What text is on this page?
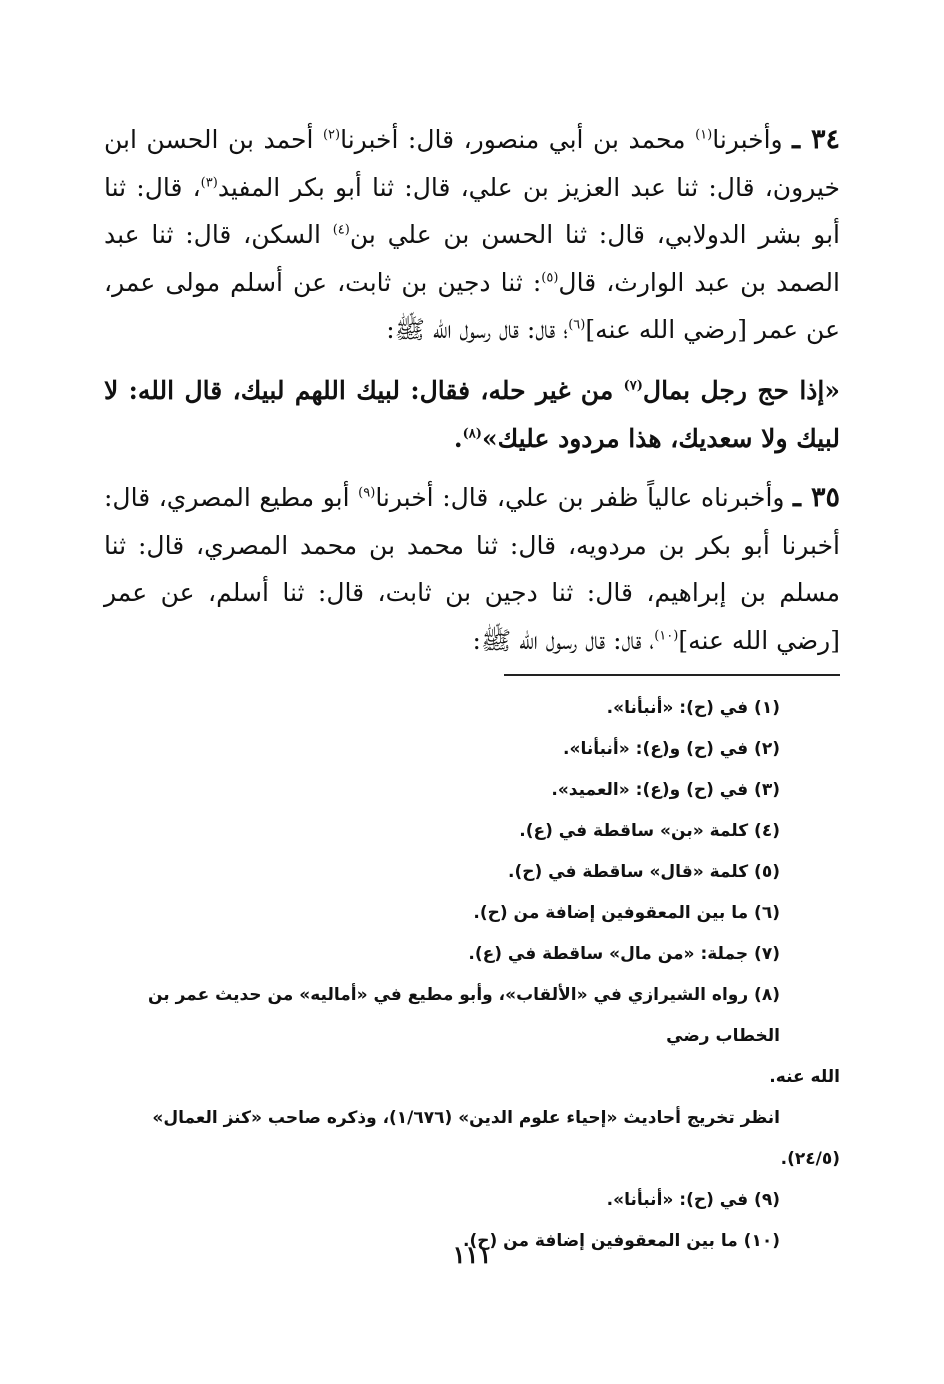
٣٤ ـ وأخبرنا$^{(١)}$ محمد بن أبي منصور، قال: أخبرنا$^{(٢)}$ أحمد بن الحسن ابن خيرون، قال: ثنا عبد العزيز بن علي، قال: ثنا أبو بكر المفيد$^{(٣)}$، قال: ثنا أبو بشر الدولابي، قال: ثنا الحسن بن علي بن$^{(٤)}$ السكن، قال: ثنا عبد الصمد بن عبد الوارث، قال$^{(٥)}$: ثنا دجين بن ثابت، عن أسلم مولى عمر، عن عمر [رضي الله عنه]$^{(٦)}$؛ قال: قال رسول الله ﷺ:
«إذا حج رجل بمال$^{(٧)}$ من غير حله، فقال: لبيك اللهم لبيك، قال الله: لا لبيك ولا سعديك، هذا مردود عليك»$^{(٨)}$.
٣٥ ـ وأخبرناه عالياً ظفر بن علي، قال: أخبرنا$^{(٩)}$ أبو مطيع المصري، قال: أخبرنا أبو بكر بن مردويه، قال: ثنا محمد بن محمد المصري، قال: ثنا مسلم بن إبراهيم، قال: ثنا دجين بن ثابت، قال: ثنا أسلم، عن عمر [رضي الله عنه]$^{(١٠)}$، قال: قال رسول الله ﷺ:

(١) في (ح): «أنبأنا».

(٢) في (ح) و(ع): «أنبأنا».

(٣) في (ح) و(ع): «العميد».

(٤) كلمة «بن» ساقطة في (ع).

(٥) كلمة «قال» ساقطة في (ح).

(٦) ما بين المعقوفين إضافة من (ح).

(٧) جملة: «من مال» ساقطة في (ع).

(٨) رواه الشيرازي في «الألقاب»، وأبو مطيع في «أماليه» من حديث عمر بن الخطاب رضي
الله عنه.
انظر تخريج أحاديث «إحياء علوم الدين» (١/٦٧٦)، وذكره صاحب «كنز العمال»
(٢٤/٥).

(٩) في (ح): «أنبأنا».

(١٠) ما بين المعقوفين إضافة من (ح).

١١١
